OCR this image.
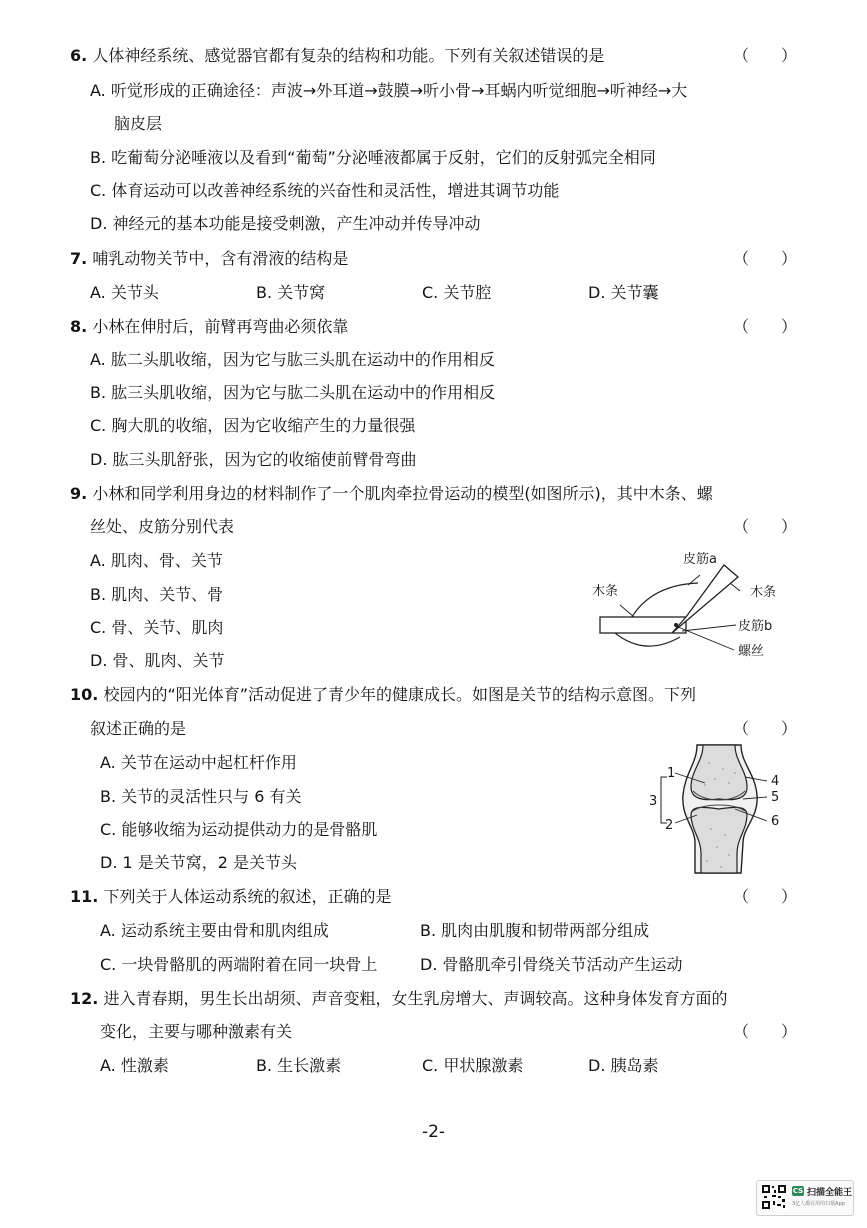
6. 人体神经系统、感觉器官都有复杂的结构和功能。下列有关叙述错误的是	（　　）
A. 听觉形成的正确途径：声波→外耳道→鼓膜→听小骨→耳蜗内听觉细胞→听神经→大
脑皮层
B. 吃葡萄分泌唾液以及看到“葡萄”分泌唾液都属于反射，它们的反射弧完全相同
C. 体育运动可以改善神经系统的兴奋性和灵活性，增进其调节功能
D. 神经元的基本功能是接受刺激，产生冲动并传导冲动
7. 哺乳动物关节中，含有滑液的结构是	（　　）
A. 关节头	B. 关节窝	C. 关节腔	D. 关节囊
8. 小林在伸肘后，前臂再弯曲必须依靠	（　　）
A. 肱二头肌收缩，因为它与肱三头肌在运动中的作用相反
B. 肱三头肌收缩，因为它与肱二头肌在运动中的作用相反
C. 胸大肌的收缩，因为它收缩产生的力量很强
D. 肱三头肌舒张，因为它的收缩使前臂骨弯曲
9. 小林和同学利用身边的材料制作了一个肌肉牵拉骨运动的模型(如图所示)，其中木条、螺
丝处、皮筋分别代表	（　　）
A. 肌肉、骨、关节
B. 肌肉、关节、骨
C. 骨、关节、肌肉
D. 骨、肌肉、关节
皮筋a
木条	木条
皮筋b
螺丝
10. 校园内的“阳光体育”活动促进了青少年的健康成长。如图是关节的结构示意图。下列
叙述正确的是	（　　）
A. 关节在运动中起杠杆作用
B. 关节的灵活性只与 6 有关
C. 能够收缩为运动提供动力的是骨骼肌
D. 1 是关节窝，2 是关节头
1
2
3
4
5
6
11. 下列关于人体运动系统的叙述，正确的是	（　　）
A. 运动系统主要由骨和肌肉组成	B. 肌肉由肌腹和韧带两部分组成
C. 一块骨骼肌的两端附着在同一块骨上	D. 骨骼肌牵引骨绕关节活动产生运动
12. 进入青春期，男生长出胡须、声音变粗，女生乳房增大、声调较高。这种身体发育方面的
变化，主要与哪种激素有关	（　　）
A. 性激素	B. 生长激素	C. 甲状腺激素	D. 胰岛素
-2-
CS 扫描全能王
3亿人都在用的扫描App
